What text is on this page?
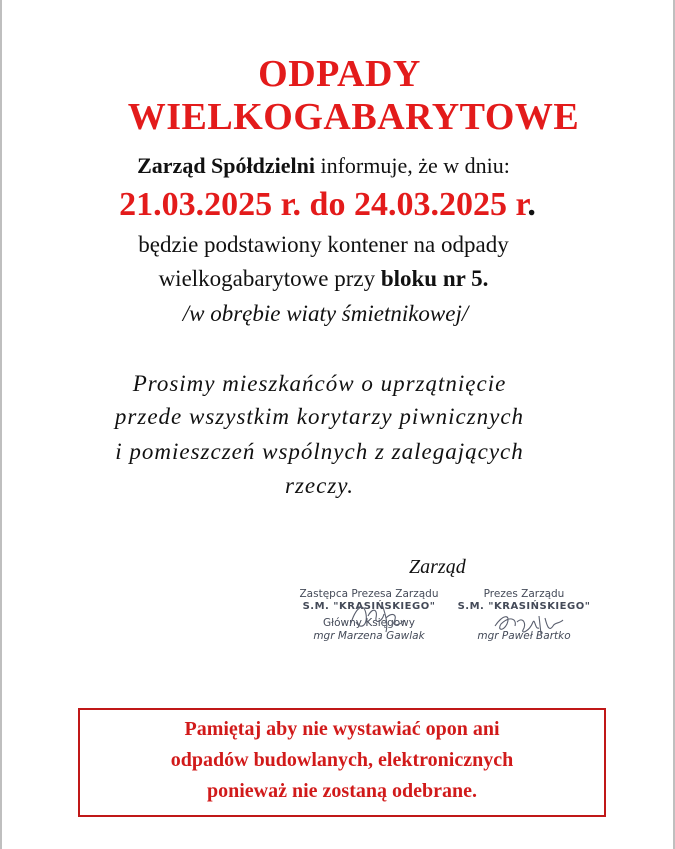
ODPADY
WIELKOGABARYTOWE
Zarząd Spółdzielni informuje, że w dniu:
21.03.2025 r. do 24.03.2025 r.
będzie podstawiony kontener na odpady
wielkogabarytowe przy bloku nr 5.
/w obrębie wiaty śmietnikowej/
Prosimy mieszkańców o uprzątnięcie
przede wszystkim korytarzy piwnicznych
i pomieszczeń wspólnych z zalegających
rzeczy.
Zarząd
Zastępca Prezesa Zarządu
S.M. "KRASIŃSKIEGO"
Główny Księgowy
mgr Marzena Gawlak
Prezes Zarządu
S.M. "KRASIŃSKIEGO"

mgr Paweł Bartko
Pamiętaj aby nie wystawiać opon ani
odpadów budowlanych, elektronicznych
ponieważ nie zostaną odebrane.
